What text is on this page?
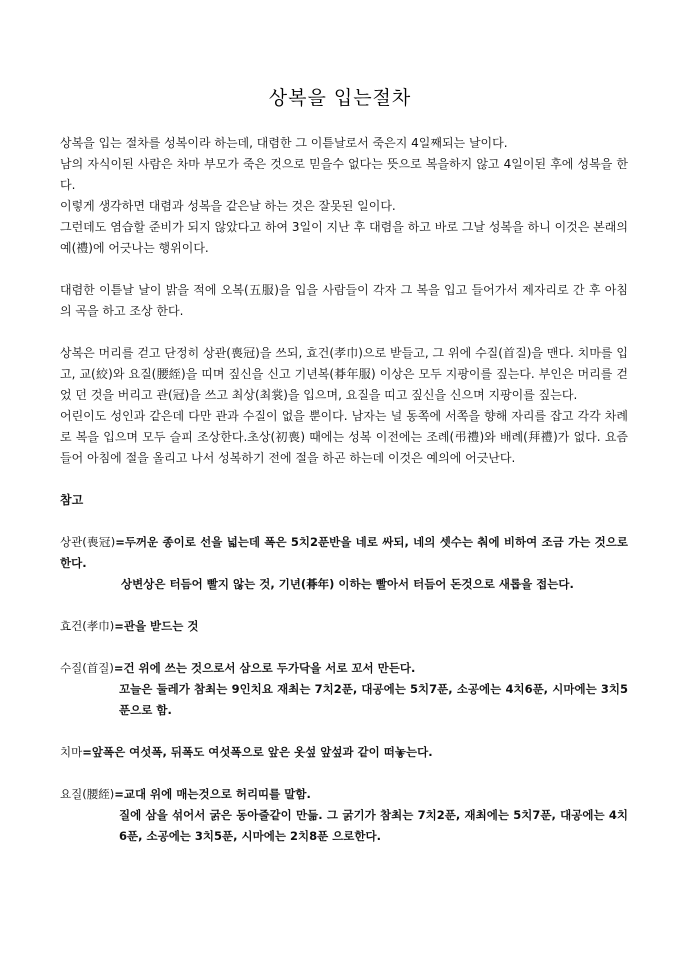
상복을 입는절차

상복을 입는 절차를 성복이라 하는데, 대렴한 그 이튿날로서 죽은지 4일째되는 날이다.

남의 자식이된 사람은 차마 부모가 죽은 것으로 믿을수 없다는 뜻으로 복을하지 않고 4일이된 후에 성복을 한다.

이렇게 생각하면 대렴과 성복을 같은날 하는 것은 잘못된 일이다.

그런데도 염습할 준비가 되지 않았다고 하여 3일이 지난 후 대렴을 하고 바로 그날 성복을 하니 이것은 본래의 예(禮)에 어긋나는 행위이다.

대렴한 이튿날 날이 밝을 적에 오복(五服)을 입을 사람들이 각자 그 복을 입고 들어가서 제자리로 간 후 아침의 곡을 하고 조상 한다.

상복은 머리를 걷고 단정히 상관(喪冠)을 쓰되, 효건(孝巾)으로 받들고, 그 위에 수질(首질)을 맨다. 치마를 입고, 교(絞)와 요질(腰絰)을 띠며 짚신을 신고 기년복(朞年服) 이상은 모두 지팡이를 짚는다. 부인은 머리를 걷었 던 것을 버리고 관(冠)을 쓰고 최상(최裳)을 입으며, 요질을 띠고 짚신을 신으며 지팡이를 짚는다.

어린이도 성인과 같은데 다만 관과 수질이 없을 뿐이다. 남자는 널 동쪽에 서쪽을 향해 자리를 잡고 각각 차례로 복을 입으며 모두 슬피 조상한다.초상(初喪) 때에는 성복 이전에는 조례(弔禮)와 배례(拜禮)가 없다. 요즘들어 아침에 절을 올리고 나서 성복하기 전에 절을 하곤 하는데 이것은 예의에 어긋난다.

참고

상관(喪冠)=두꺼운 종이로 선을 넓는데 폭은 5치2푼반을 네로 싸되, 네의 셋수는 춰에 비하여 조금 가는 것으로 한다.

상변상은 터듬어 빨지 않는 것, 기년(朞年) 이하는 빨아서 터듬어 돈것으로 새롭을 접는다.

효건(孝巾)=관을 받드는 것

수질(首질)=건 위에 쓰는 것으로서 삼으로 두가닥을 서로 꼬서 만든다.

꼬늘은 둘레가 참최는 9인치요 재최는 7치2푼, 대공에는 5치7푼, 소공에는 4치6푼, 시마에는 3치5푼으로 함.

치마=앞폭은 여섯폭, 뒤폭도 여섯폭으로 앞은 옷섶 앞섶과 같이 떠놓는다.

요질(腰絰)=교대 위에 매는것으로 허리띠를 말함.

질에 삼을 섞어서 굵은 동아줄같이 만듦. 그 굵기가 참최는 7치2푼, 재최에는 5치7푼, 대공에는 4치6푼, 소공에는 3치5푼, 시마에는 2치8푼 으로한다.
